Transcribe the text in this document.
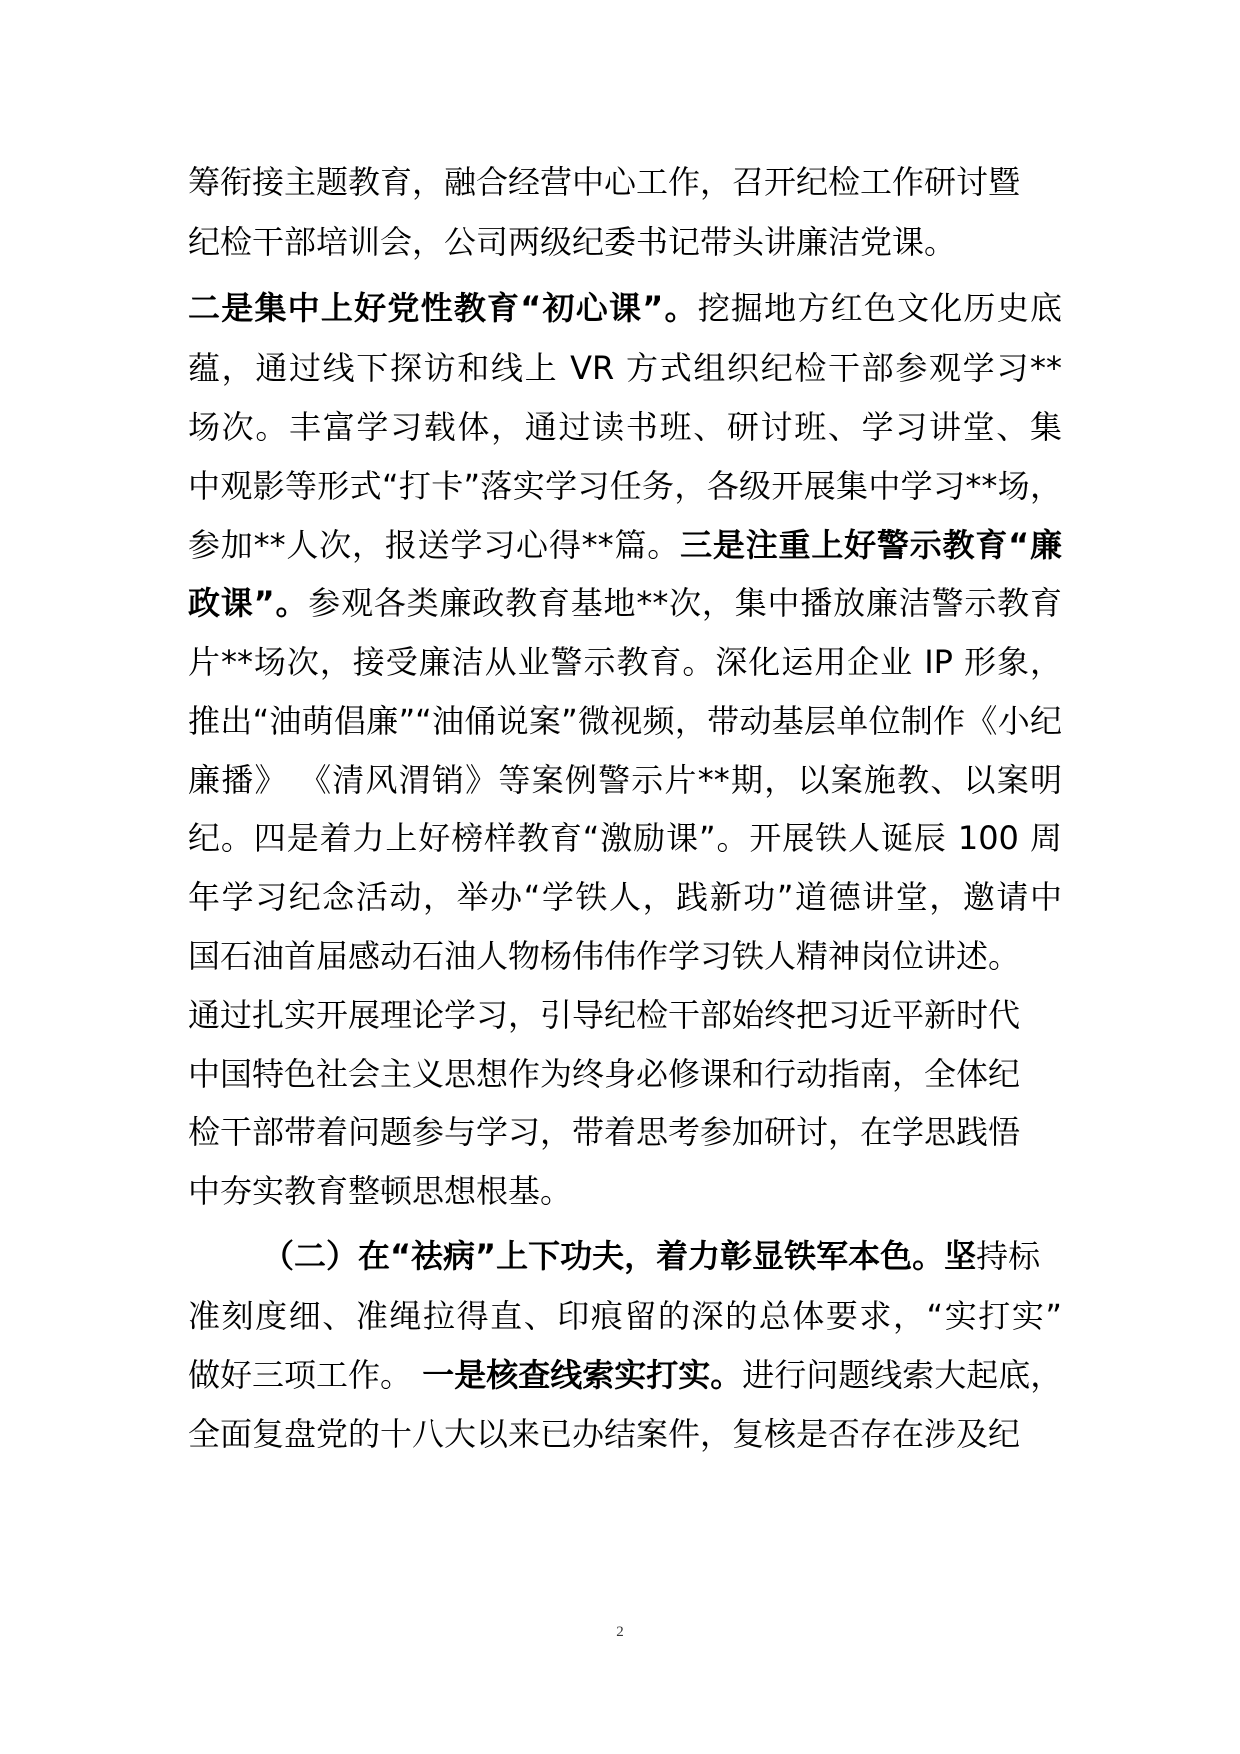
筹衔接主题教育，融合经营中心工作，召开纪检工作研讨暨
纪检干部培训会，公司两级纪委书记带头讲廉洁党课。
二是集中上好党性教育“初心课”。挖掘地方红色文化历史底
蕴，通过线下探访和线上 VR 方式组织纪检干部参观学习**
场次。丰富学习载体，通过读书班、研讨班、学习讲堂、集
中观影等形式“打卡”落实学习任务，各级开展集中学习**场，
参加**人次，报送学习心得**篇。三是注重上好警示教育“廉
政课”。参观各类廉政教育基地**次，集中播放廉洁警示教育
片**场次，接受廉洁从业警示教育。深化运用企业 IP 形象，
推出“油萌倡廉”“油俑说案”微视频，带动基层单位制作《小纪
廉播》 《清风渭销》等案例警示片**期，以案施教、以案明
纪。四是着力上好榜样教育“激励课”。开展铁人诞辰 100 周
年学习纪念活动，举办“学铁人，践新功”道德讲堂，邀请中
国石油首届感动石油人物杨伟伟作学习铁人精神岗位讲述。
通过扎实开展理论学习，引导纪检干部始终把习近平新时代
中国特色社会主义思想作为终身必修课和行动指南，全体纪
检干部带着问题参与学习，带着思考参加研讨，在学思践悟
中夯实教育整顿思想根基。
（二）在“祛病”上下功夫，着力彰显铁军本色。坚持标
准刻度细、准绳拉得直、印痕留的深的总体要求，“实打实”
做好三项工作。 一是核查线索实打实。进行问题线索大起底，
全面复盘党的十八大以来已办结案件，复核是否存在涉及纪
2
